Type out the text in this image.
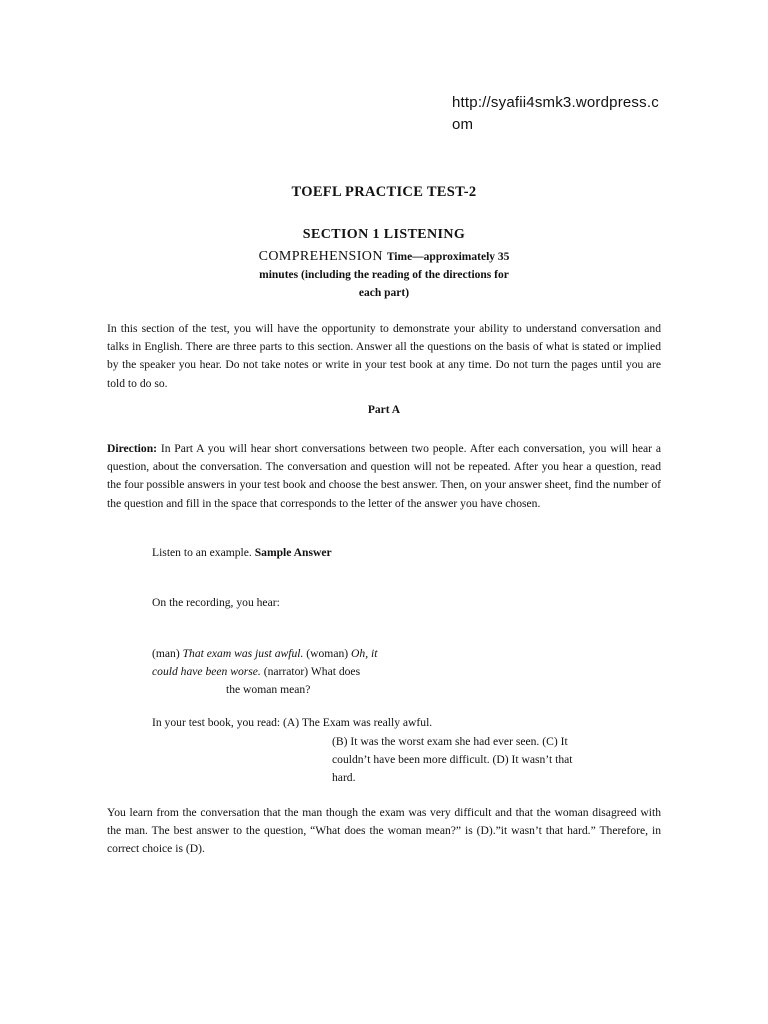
http://syafii4smk3.wordpress.com
TOEFL PRACTICE TEST-2
SECTION 1 LISTENING
COMPREHENSION Time—approximately 35
minutes (including the reading of the directions for
each part)
In this section of the test, you will have the opportunity to demonstrate your ability to understand conversation and talks in English. There are three parts to this section. Answer all the questions on the basis of what is stated or implied by the speaker you hear. Do not take notes or write in your test book at any time. Do not turn the pages until you are told to do so.
Part A
Direction: In Part A you will hear short conversations between two people. After each conversation, you will hear a question, about the conversation. The conversation and question will not be repeated. After you hear a question, read the four possible answers in your test book and choose the best answer. Then, on your answer sheet, find the number of the question and fill in the space that corresponds to the letter of the answer you have chosen.
Listen to an example. Sample Answer
On the recording, you hear:
(man) That exam was just awful. (woman) Oh, it could have been worse. (narrator) What does
the woman mean?
In your test book, you read: (A) The Exam was really awful.
(B) It was the worst exam she had ever seen. (C) It couldn’t have been more difficult. (D) It wasn’t that hard.
You learn from the conversation that the man though the exam was very difficult and that the woman disagreed with the man. The best answer to the question, “What does the woman mean?” is (D).”it wasn’t that hard.” Therefore, in correct choice is (D).
